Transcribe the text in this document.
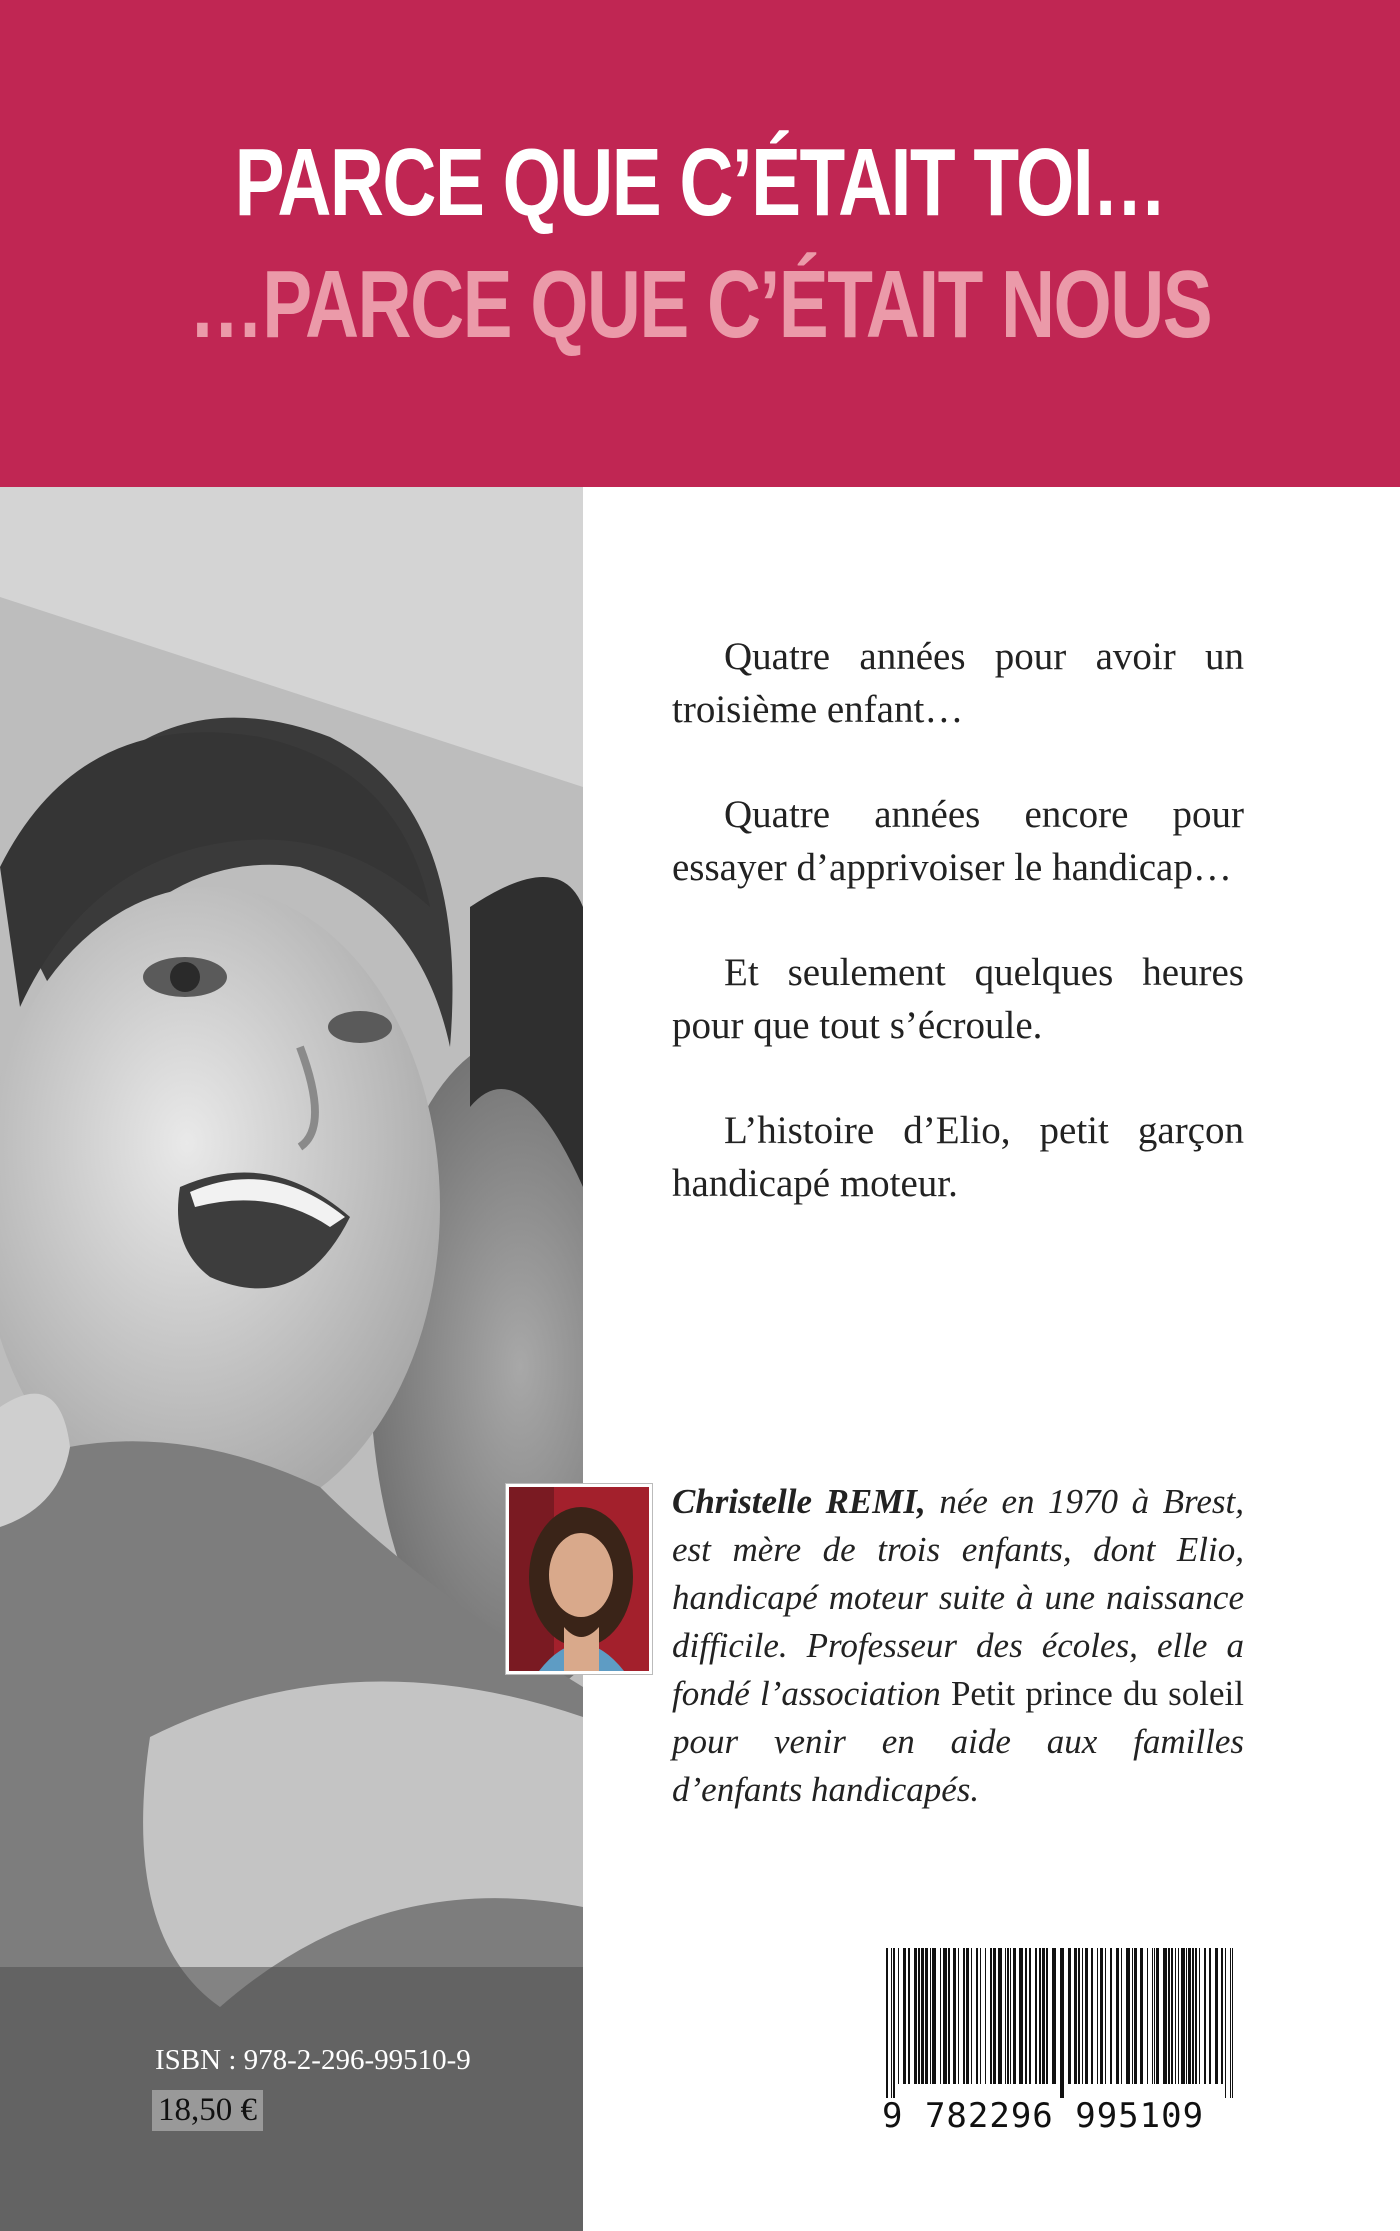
PARCE QUE C’ÉTAIT TOI…
…PARCE QUE C’ÉTAIT NOUS

Quatre années pour avoir un troisième enfant…

Quatre années encore pour essayer d’apprivoiser le handicap…

Et seulement quelques heures pour que tout s’écroule.

L’histoire d’Elio, petit garçon handicapé moteur.

Christelle REMI, née en 1970 à Brest, est mère de trois enfants, dont Elio, handicapé moteur suite à une naissance difficile. Professeur des écoles, elle a fondé l’association Petit prince du soleil pour venir en aide aux familles d’enfants handicapés.
ISBN : 978-2-296-99510-9
18,50 €	9 782296 995109
